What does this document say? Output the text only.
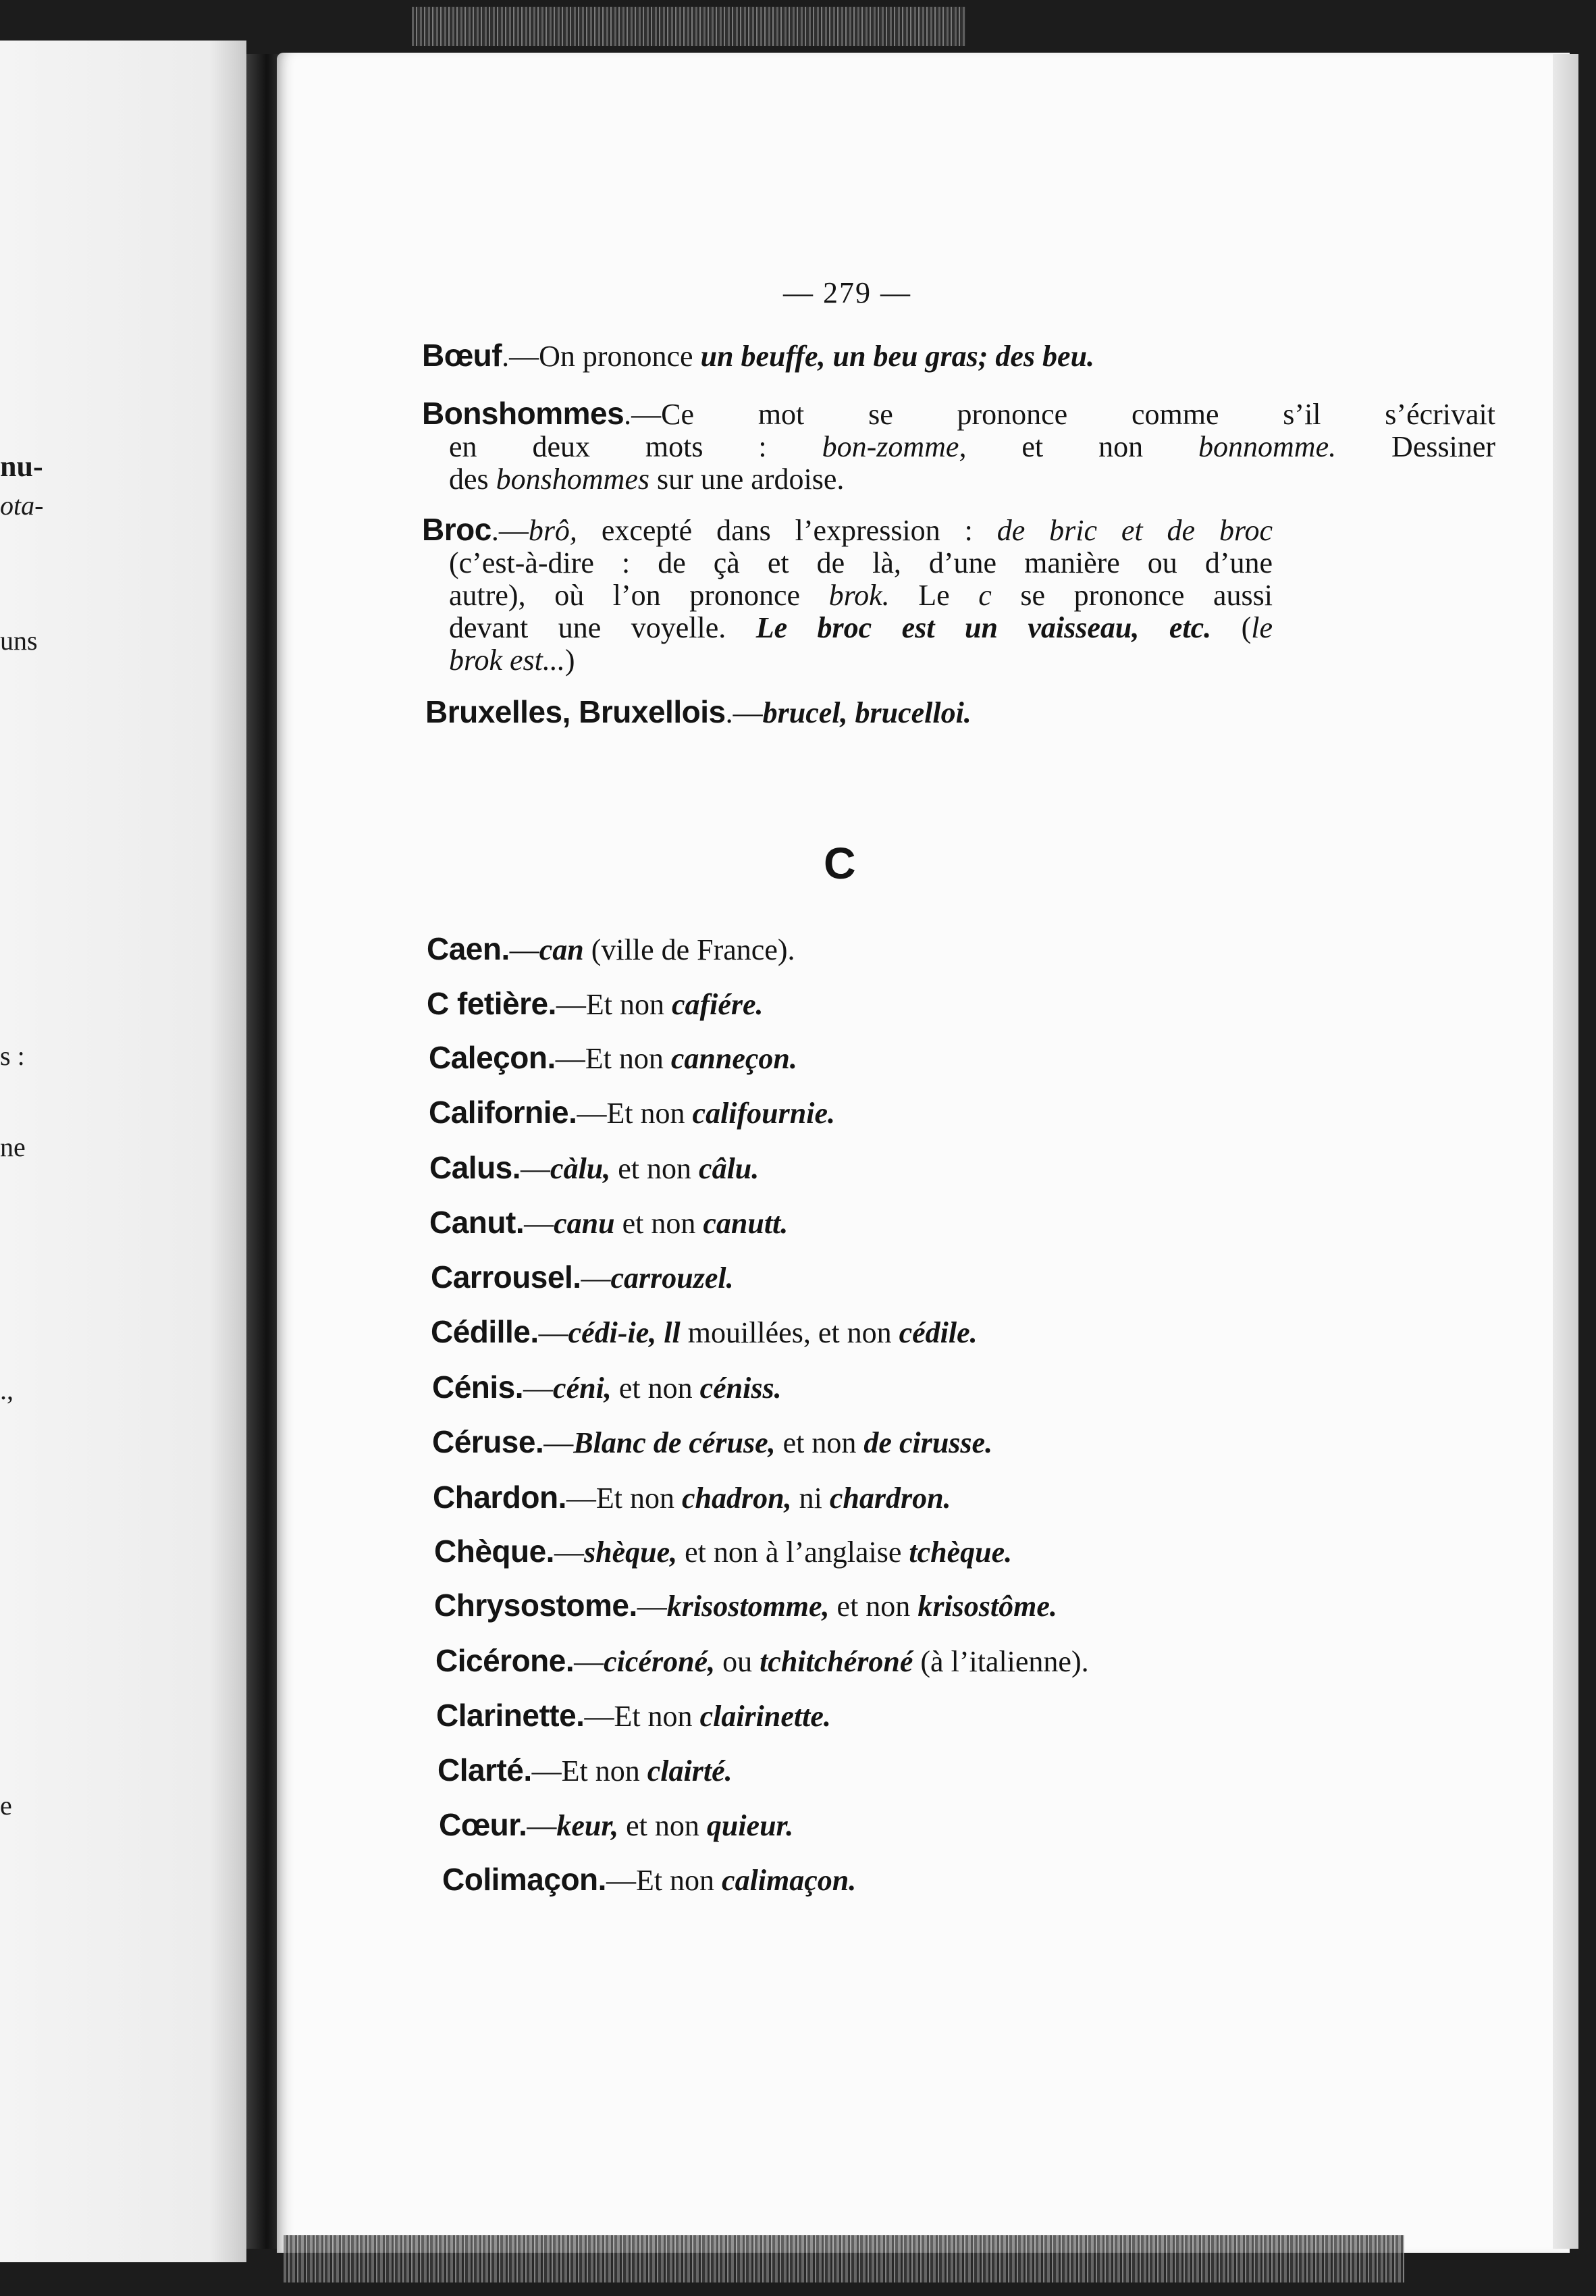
nu-
ota-
uns
s :
ne
.,
e
— 279 —
Bœuf.—On prononce un beuffe, un beu gras; des beu.
Bonshommes.—Ce mot se prononce comme s’il s’écrivait
en deux mots : bon-zomme, et non bonnomme. Dessiner
des bonshommes sur une ardoise.
Broc.—brô, excepté dans l’expression : de bric et de broc
(c’est-à-dire : de çà et de là, d’une manière ou d’une
autre), où l’on prononce brok. Le c se prononce aussi
devant une voyelle. Le broc est un vaisseau, etc. (le
brok est...)
Bruxelles, Bruxellois.—brucel, brucelloi.
C
Caen.—can (ville de France).
C fetière.—Et non cafiére.
Caleçon.—Et non canneçon.
Californie.—Et non califournie.
Calus.—càlu, et non câlu.
Canut.—canu et non canutt.
Carrousel.—carrouzel.
Cédille.—cédi-ie, ll mouillées, et non cédile.
Cénis.—céni, et non céniss.
Céruse.—Blanc de céruse, et non de cirusse.
Chardon.—Et non chadron, ni chardron.
Chèque.—shèque, et non à l’anglaise tchèque.
Chrysostome.—krisostomme, et non krisostôme.
Cicérone.—cicéroné, ou tchitchéroné (à l’italienne).
Clarinette.—Et non clairinette.
Clarté.—Et non clairté.
Cœur.—keur, et non quieur.
Colimaçon.—Et non calimaçon.
